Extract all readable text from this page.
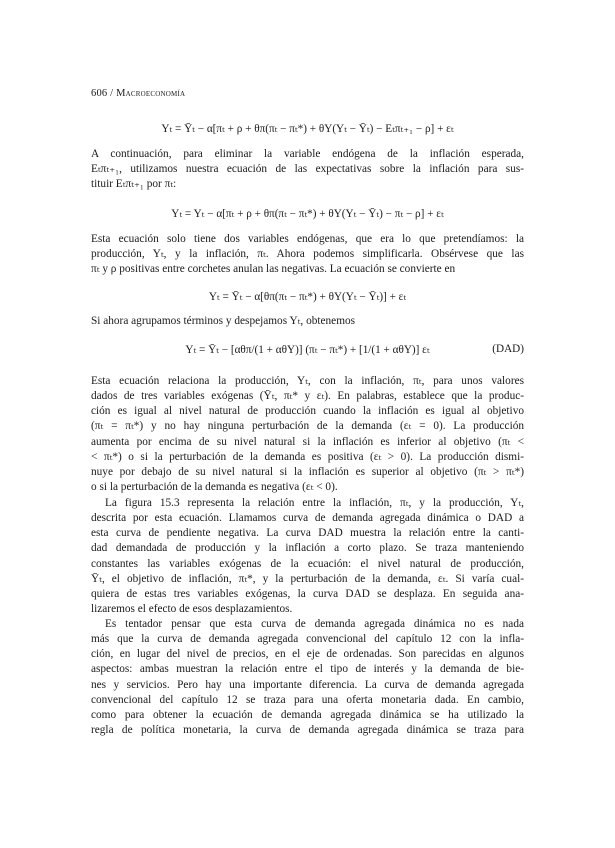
606 / Macroeconomía
Yₜ = Ȳₜ − α[πₜ + ρ + θπ(πₜ − πₜ*) + θY(Yₜ − Ȳₜ) − Eₜπₜ₊₁ − ρ] + εₜ
A continuación, para eliminar la variable endógena de la inflación esperada,
Eₜπₜ₊₁, utilizamos nuestra ecuación de las expectativas sobre la inflación para sus-
tituir Eₜπₜ₊₁ por πₜ:
Yₜ = Yₜ − α[πₜ + ρ + θπ(πₜ − πₜ*) + θY(Yₜ − Ȳₜ) − πₜ − ρ] + εₜ
Esta ecuación solo tiene dos variables endógenas, que era lo que pretendíamos: la
producción, Yₜ, y la inflación, πₜ. Ahora podemos simplificarla. Obsérvese que las
πₜ y ρ positivas entre corchetes anulan las negativas. La ecuación se convierte en
Yₜ = Ȳₜ − α[θπ(πₜ − πₜ*) + θY(Yₜ − Ȳₜ)] + εₜ
Si ahora agrupamos términos y despejamos Yₜ, obtenemos
Yₜ = Ȳₜ − [αθπ/(1 + αθY)] (πₜ − πₜ*) + [1/(1 + αθY)] εₜ	(DAD)
Esta ecuación relaciona la producción, Yₜ, con la inflación, πₜ, para unos valores
dados de tres variables exógenas (Ȳₜ, πₜ* y εₜ). En palabras, establece que la produc-
ción es igual al nivel natural de producción cuando la inflación es igual al objetivo
(πₜ = πₜ*) y no hay ninguna perturbación de la demanda (εₜ = 0). La producción
aumenta por encima de su nivel natural si la inflación es inferior al objetivo (πₜ <
< πₜ*) o si la perturbación de la demanda es positiva (εₜ > 0). La producción dismi-
nuye por debajo de su nivel natural si la inflación es superior al objetivo (πₜ > πₜ*)
o si la perturbación de la demanda es negativa (εₜ < 0).
La figura 15.3 representa la relación entre la inflación, πₜ, y la producción, Yₜ,
descrita por esta ecuación. Llamamos curva de demanda agregada dinámica o DAD a
esta curva de pendiente negativa. La curva DAD muestra la relación entre la canti-
dad demandada de producción y la inflación a corto plazo. Se traza manteniendo
constantes las variables exógenas de la ecuación: el nivel natural de producción,
Ȳₜ, el objetivo de inflación, πₜ*, y la perturbación de la demanda, εₜ. Si varía cual-
quiera de estas tres variables exógenas, la curva DAD se desplaza. En seguida ana-
lizaremos el efecto de esos desplazamientos.
Es tentador pensar que esta curva de demanda agregada dinámica no es nada
más que la curva de demanda agregada convencional del capítulo 12 con la infla-
ción, en lugar del nivel de precios, en el eje de ordenadas. Son parecidas en algunos
aspectos: ambas muestran la relación entre el tipo de interés y la demanda de bie-
nes y servicios. Pero hay una importante diferencia. La curva de demanda agregada
convencional del capítulo 12 se traza para una oferta monetaria dada. En cambio,
como para obtener la ecuación de demanda agregada dinámica se ha utilizado la
regla de política monetaria, la curva de demanda agregada dinámica se traza para
